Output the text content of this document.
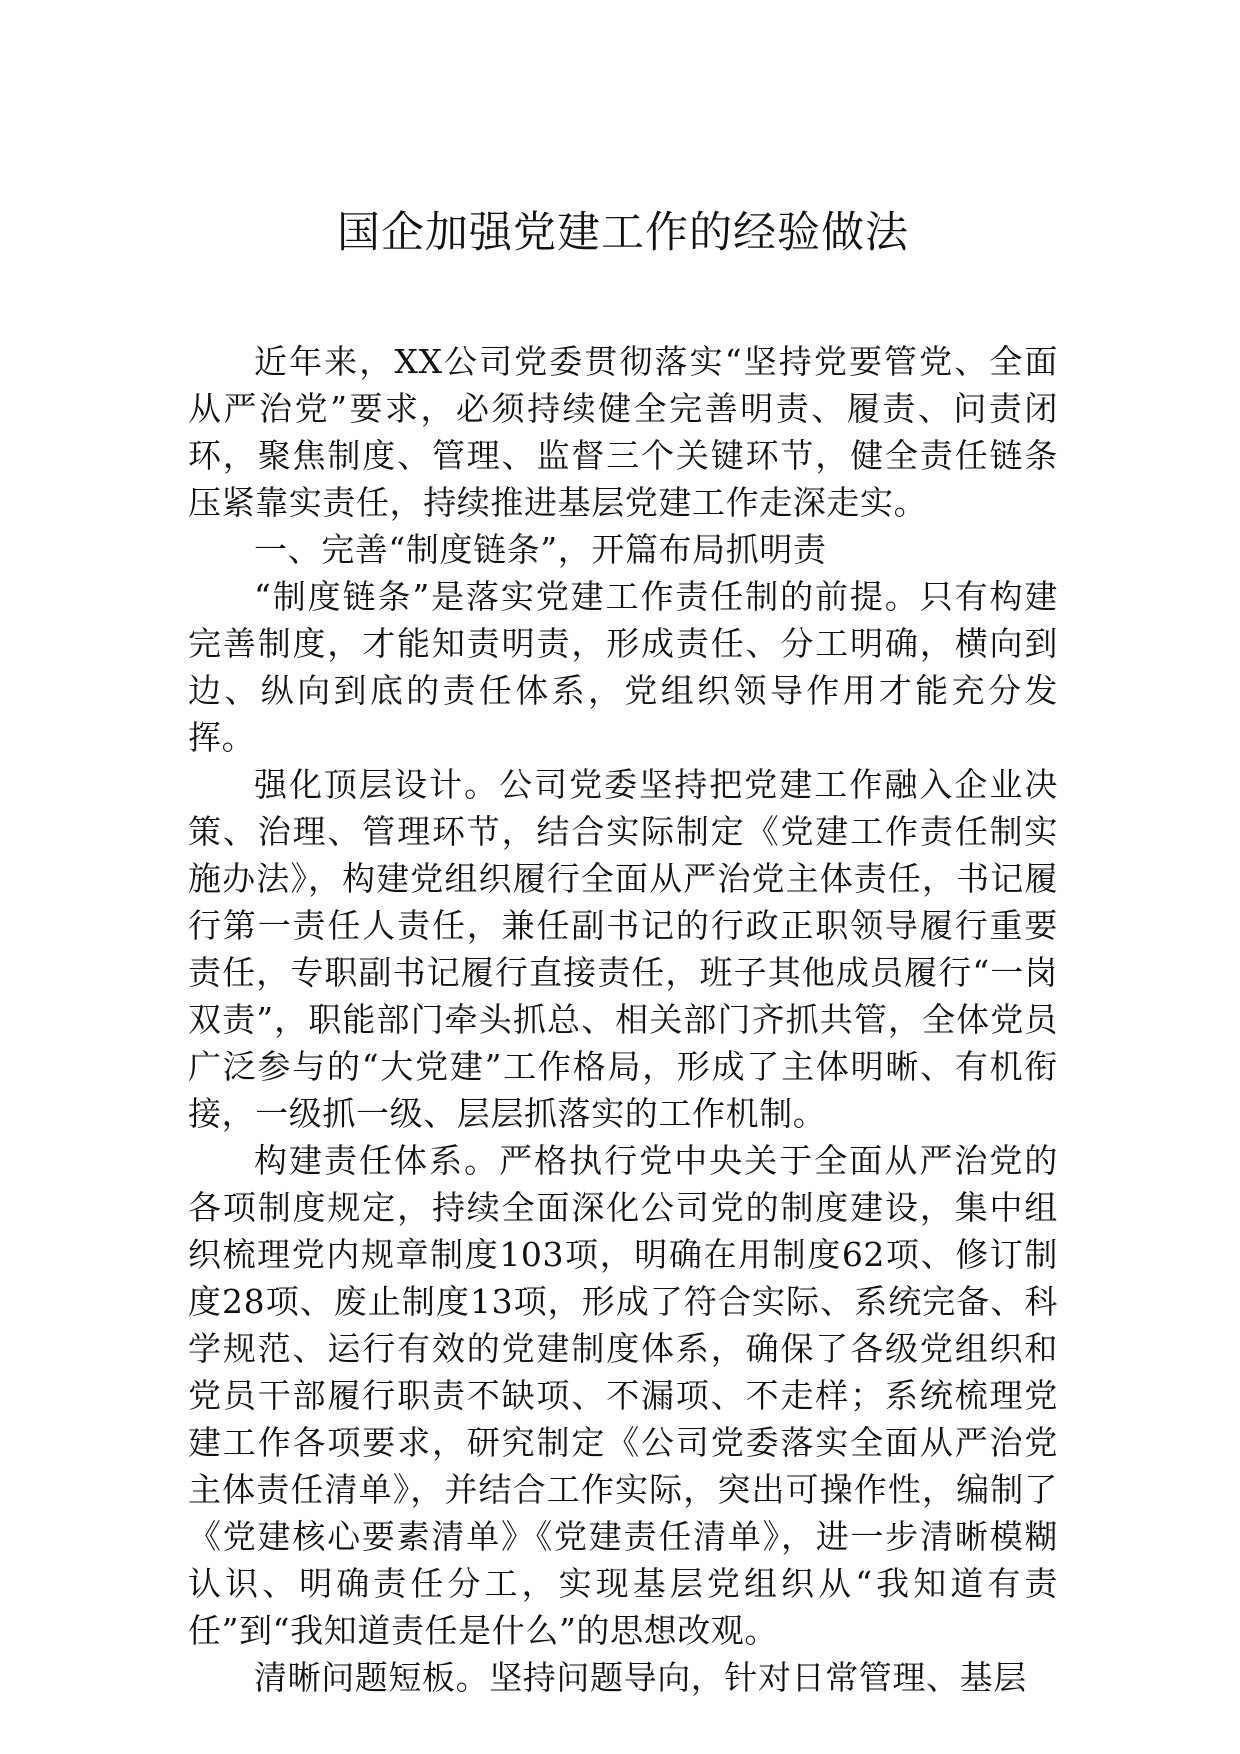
国企加强党建工作的经验做法

近年来，XX公司党委贯彻落实“坚持党要管党、全面从严治党”要求，必须持续健全完善明责、履责、问责闭环，聚焦制度、管理、监督三个关键环节，健全责任链条压紧靠实责任，持续推进基层党建工作走深走实。

一、完善“制度链条”，开篇布局抓明责

“制度链条”是落实党建工作责任制的前提。只有构建完善制度，才能知责明责，形成责任、分工明确，横向到边、纵向到底的责任体系，党组织领导作用才能充分发挥。

强化顶层设计。公司党委坚持把党建工作融入企业决策、治理、管理环节，结合实际制定《党建工作责任制实施办法》，构建党组织履行全面从严治党主体责任，书记履行第一责任人责任，兼任副书记的行政正职领导履行重要责任，专职副书记履行直接责任，班子其他成员履行“一岗双责”，职能部门牵头抓总、相关部门齐抓共管，全体党员广泛参与的“大党建”工作格局，形成了主体明晰、有机衔接，一级抓一级、层层抓落实的工作机制。

构建责任体系。严格执行党中央关于全面从严治党的各项制度规定，持续全面深化公司党的制度建设，集中组织梳理党内规章制度103项，明确在用制度62项、修订制度28项、废止制度13项，形成了符合实际、系统完备、科学规范、运行有效的党建制度体系，确保了各级党组织和党员干部履行职责不缺项、不漏项、不走样；系统梳理党建工作各项要求，研究制定《公司党委落实全面从严治党主体责任清单》，并结合工作实际，突出可操作性，编制了《党建核心要素清单》《党建责任清单》，进一步清晰模糊认识、明确责任分工，实现基层党组织从“我知道有责任”到“我知道责任是什么”的思想改观。

清晰问题短板。坚持问题导向，针对日常管理、基层
